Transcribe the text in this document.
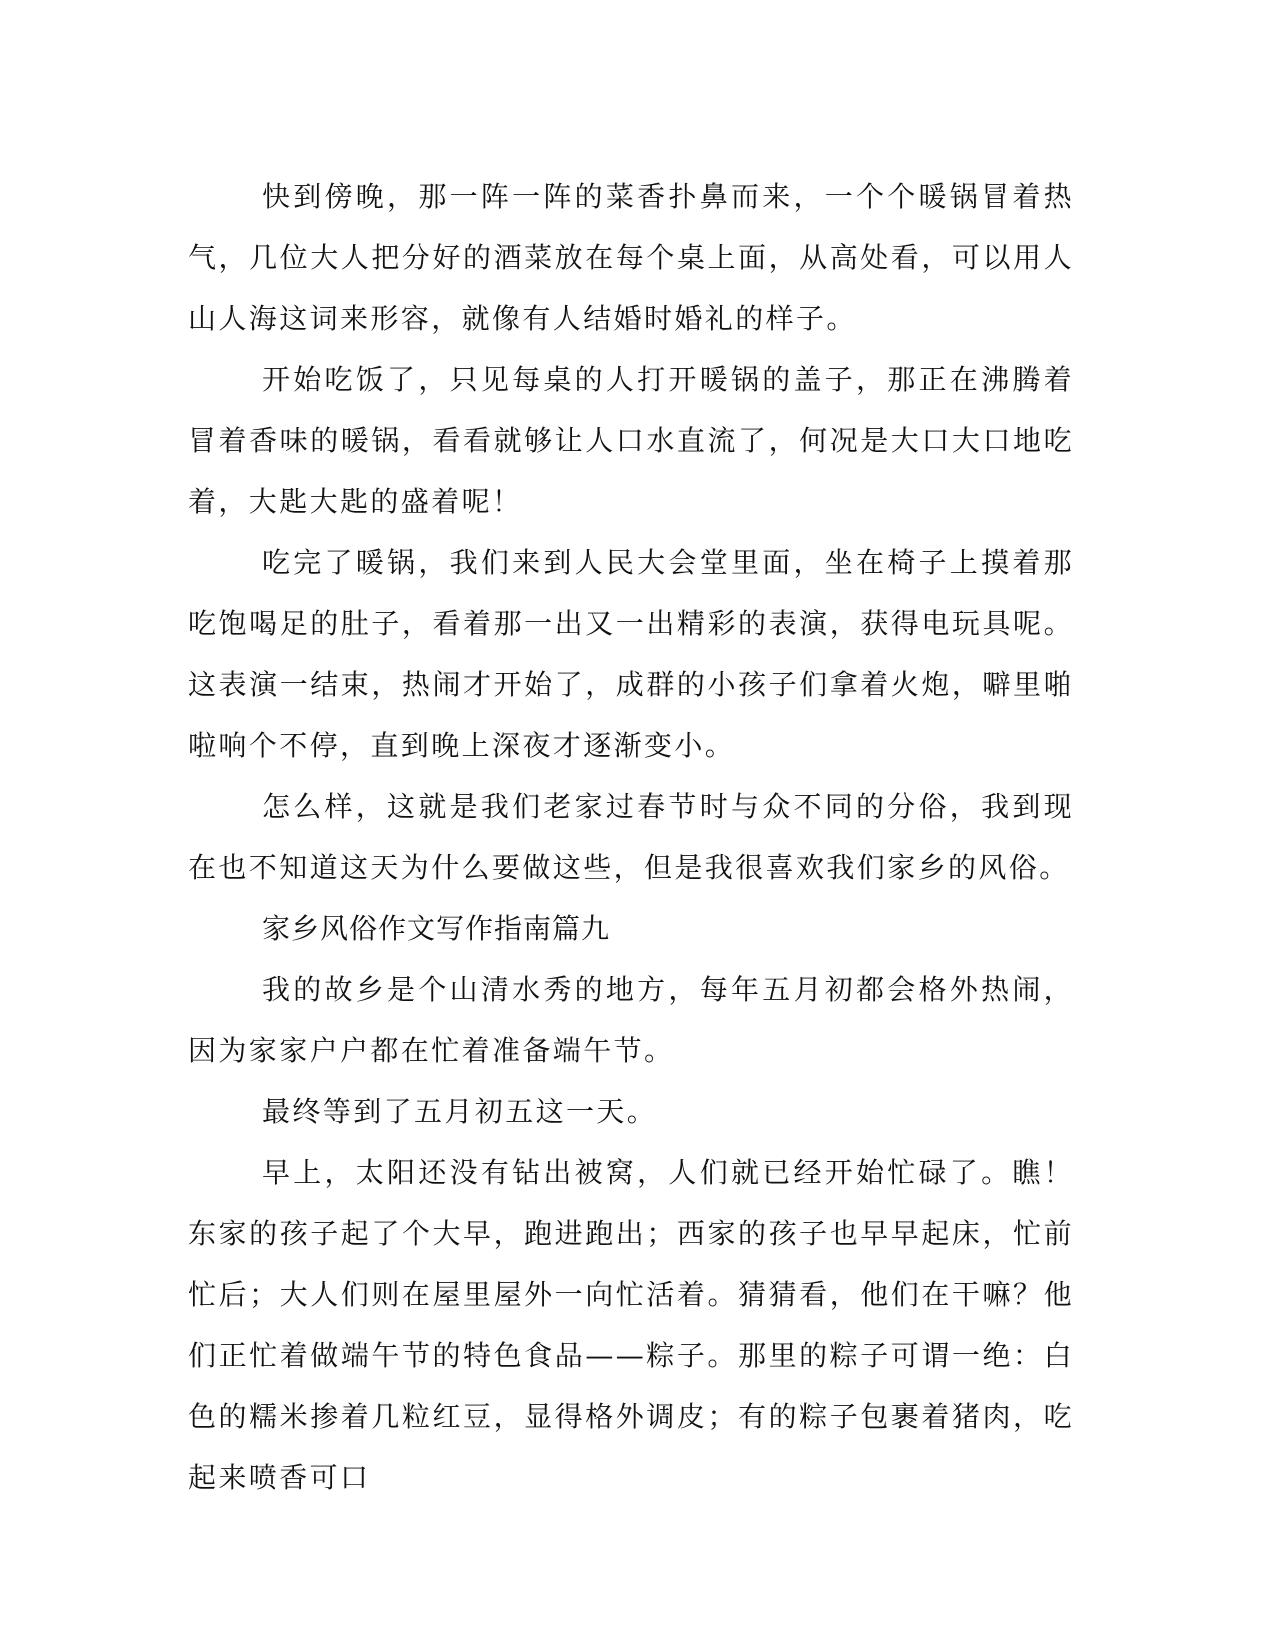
快到傍晚，那一阵一阵的菜香扑鼻而来，一个个暖锅冒着热气，几位大人把分好的酒菜放在每个桌上面，从高处看，可以用人山人海这词来形容，就像有人结婚时婚礼的样子。

开始吃饭了，只见每桌的人打开暖锅的盖子，那正在沸腾着冒着香味的暖锅，看看就够让人口水直流了，何况是大口大口地吃着，大匙大匙的盛着呢！

吃完了暖锅，我们来到人民大会堂里面，坐在椅子上摸着那吃饱喝足的肚子，看着那一出又一出精彩的表演，获得电玩具呢。这表演一结束，热闹才开始了，成群的小孩子们拿着火炮，噼里啪啦响个不停，直到晚上深夜才逐渐变小。

怎么样，这就是我们老家过春节时与众不同的分俗，我到现在也不知道这天为什么要做这些，但是我很喜欢我们家乡的风俗。

家乡风俗作文写作指南篇九

我的故乡是个山清水秀的地方，每年五月初都会格外热闹，因为家家户户都在忙着准备端午节。

最终等到了五月初五这一天。

早上，太阳还没有钻出被窝，人们就已经开始忙碌了。瞧！东家的孩子起了个大早，跑进跑出；西家的孩子也早早起床，忙前忙后；大人们则在屋里屋外一向忙活着。猜猜看，他们在干嘛？他们正忙着做端午节的特色食品——粽子。那里的粽子可谓一绝：白色的糯米掺着几粒红豆，显得格外调皮；有的粽子包裹着猪肉，吃起来喷香可口
